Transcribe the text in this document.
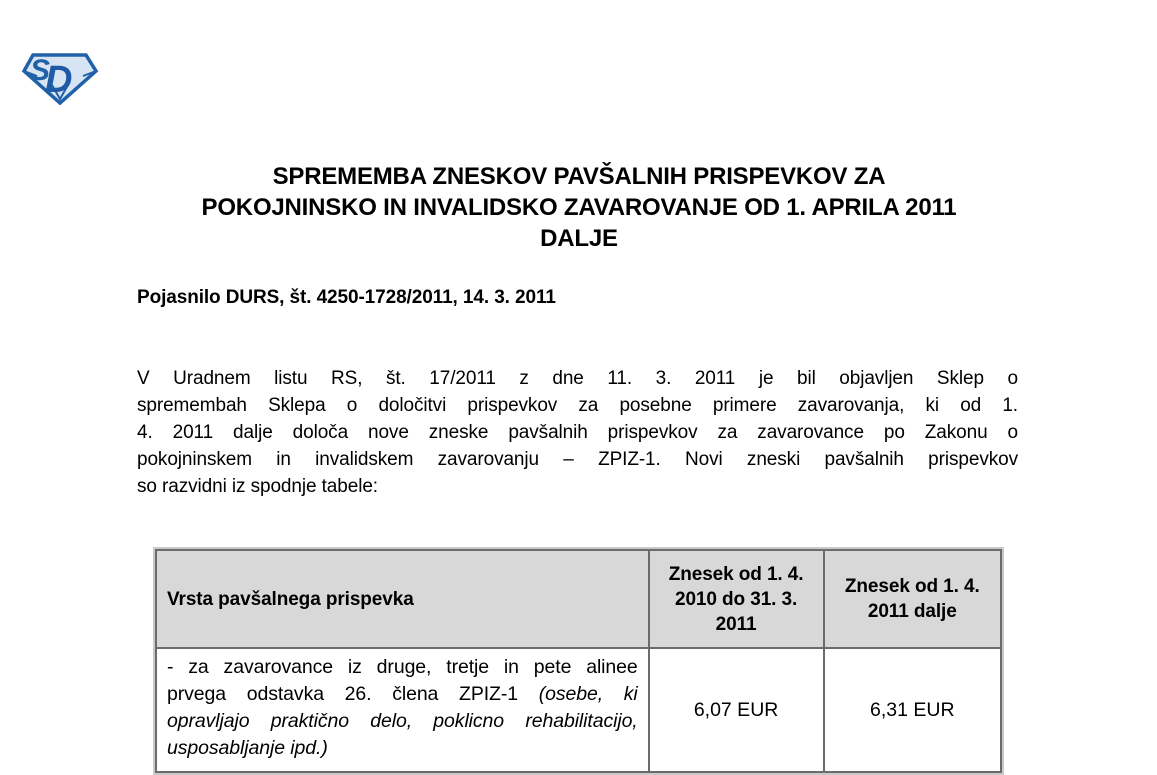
S
D
SPREMEMBA ZNESKOV PAVŠALNIH PRISPEVKOV ZA
POKOJNINSKO IN INVALIDSKO ZAVAROVANJE OD 1. APRILA 2011
DALJE
Pojasnilo DURS, št. 4250-1728/2011, 14. 3. 2011
V Uradnem listu RS, št. 17/2011 z dne 11. 3. 2011 je bil objavljen Sklep o
spremembah Sklepa o določitvi prispevkov za posebne primere zavarovanja, ki od 1.
4. 2011 dalje določa nove zneske pavšalnih prispevkov za zavarovance po Zakonu o
pokojninskem in invalidskem zavarovanju – ZPIZ-1. Novi zneski pavšalnih prispevkov
so razvidni iz spodnje tabele:
Vrsta pavšalnega prispevka	Znesek od 1. 4. 2010 do 31. 3. 2011	Znesek od 1. 4. 2011 dalje

- za zavarovance iz druge, tretje in pete alinee
prvega odstavka 26. člena ZPIZ-1 (osebe, ki
opravljajo praktično delo, poklicno rehabilitacijo,
usposabljanje ipd.)	6,07 EUR	6,31 EUR
